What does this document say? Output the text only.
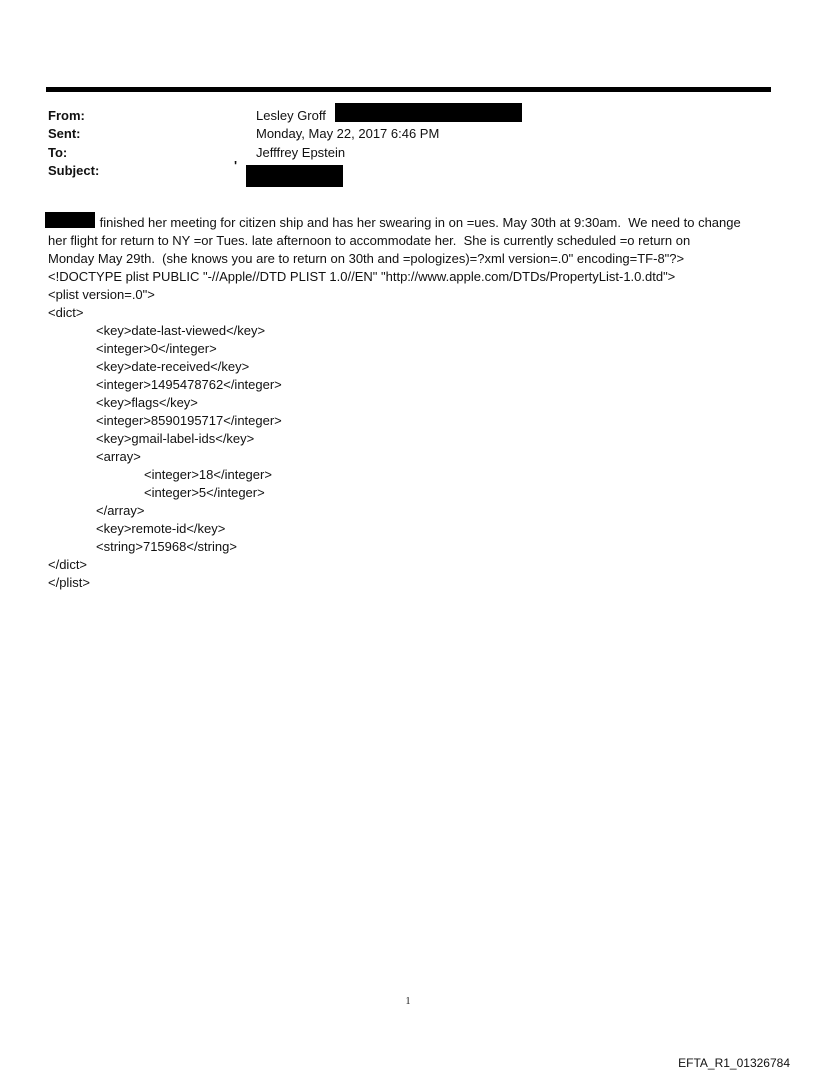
From:	Lesley Groff
Sent:	Monday, May 22, 2017 6:46 PM
To:	Jefffrey Epstein
Subject:	'

finished her meeting for citizen ship and has her swearing in on =ues. May 30th at 9:30am.  We need to change

her flight for return to NY =or Tues. late afternoon to accommodate her.  She is currently scheduled =o return on

Monday May 29th.  (she knows you are to return on 30th and =pologizes)=?xml version=.0" encoding=TF-8"?>

<!DOCTYPE plist PUBLIC "-//Apple//DTD PLIST 1.0//EN" "http://www.apple.com/DTDs/PropertyList-1.0.dtd">

<plist version=.0">

<dict>

<key>date-last-viewed</key>

<integer>0</integer>

<key>date-received</key>

<integer>1495478762</integer>

<key>flags</key>

<integer>8590195717</integer>

<key>gmail-label-ids</key>

<array>

<integer>18</integer>

<integer>5</integer>

</array>

<key>remote-id</key>

<string>715968</string>

</dict>

</plist>

1
EFTA_R1_01326784
